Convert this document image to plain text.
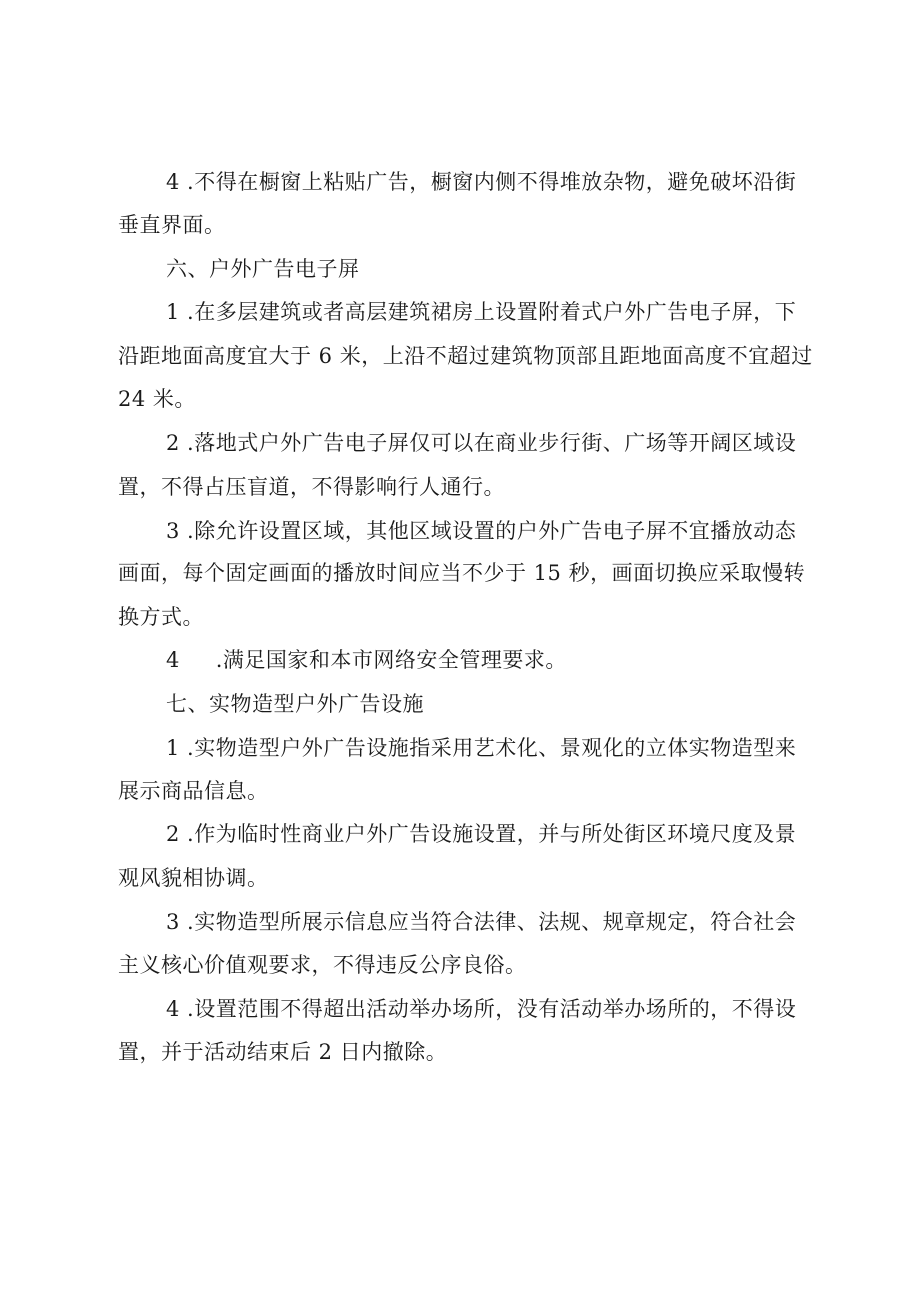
4 .不得在橱窗上粘贴广告，橱窗内侧不得堆放杂物，避免破坏沿街
垂直界面。
六、户外广告电子屏
1 .在多层建筑或者高层建筑裙房上设置附着式户外广告电子屏，下
沿距地面高度宜大于 6 米，上沿不超过建筑物顶部且距地面高度不宜超过
24 米。
2 .落地式户外广告电子屏仅可以在商业步行街、广场等开阔区域设
置，不得占压盲道，不得影响行人通行。
3 .除允许设置区域，其他区域设置的户外广告电子屏不宜播放动态
画面，每个固定画面的播放时间应当不少于 15 秒，画面切换应采取慢转
换方式。
4     .满足国家和本市网络安全管理要求。
七、实物造型户外广告设施
1 .实物造型户外广告设施指采用艺术化、景观化的立体实物造型来
展示商品信息。
2 .作为临时性商业户外广告设施设置，并与所处街区环境尺度及景
观风貌相协调。
3 .实物造型所展示信息应当符合法律、法规、规章规定，符合社会
主义核心价值观要求，不得违反公序良俗。
4 .设置范围不得超出活动举办场所，没有活动举办场所的，不得设
置，并于活动结束后 2 日内撤除。
